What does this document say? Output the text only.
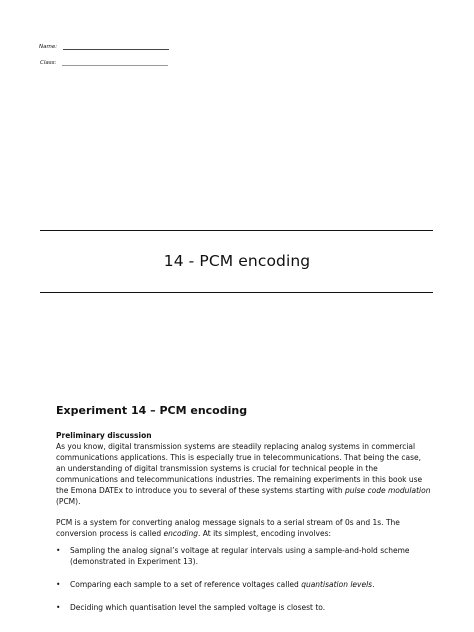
Name:
Class:
14 - PCM encoding
Experiment 14 – PCM encoding
Preliminary discussion

As you know, digital transmission systems are steadily replacing analog systems in commercial communications applications. This is especially true in telecommunications. That being the case, an understanding of digital transmission systems is crucial for technical people in the communications and telecommunications industries. The remaining experiments in this book use the Emona DATEx to introduce you to several of these systems starting with pulse code modulation (PCM).

PCM is a system for converting analog message signals to a serial stream of 0s and 1s. The conversion process is called encoding. At its simplest, encoding involves:

• Sampling the analog signal’s voltage at regular intervals using a sample-and-hold scheme (demonstrated in Experiment 13).
• Comparing each sample to a set of reference voltages called quantisation levels.
• Deciding which quantisation level the sampled voltage is closest to.
